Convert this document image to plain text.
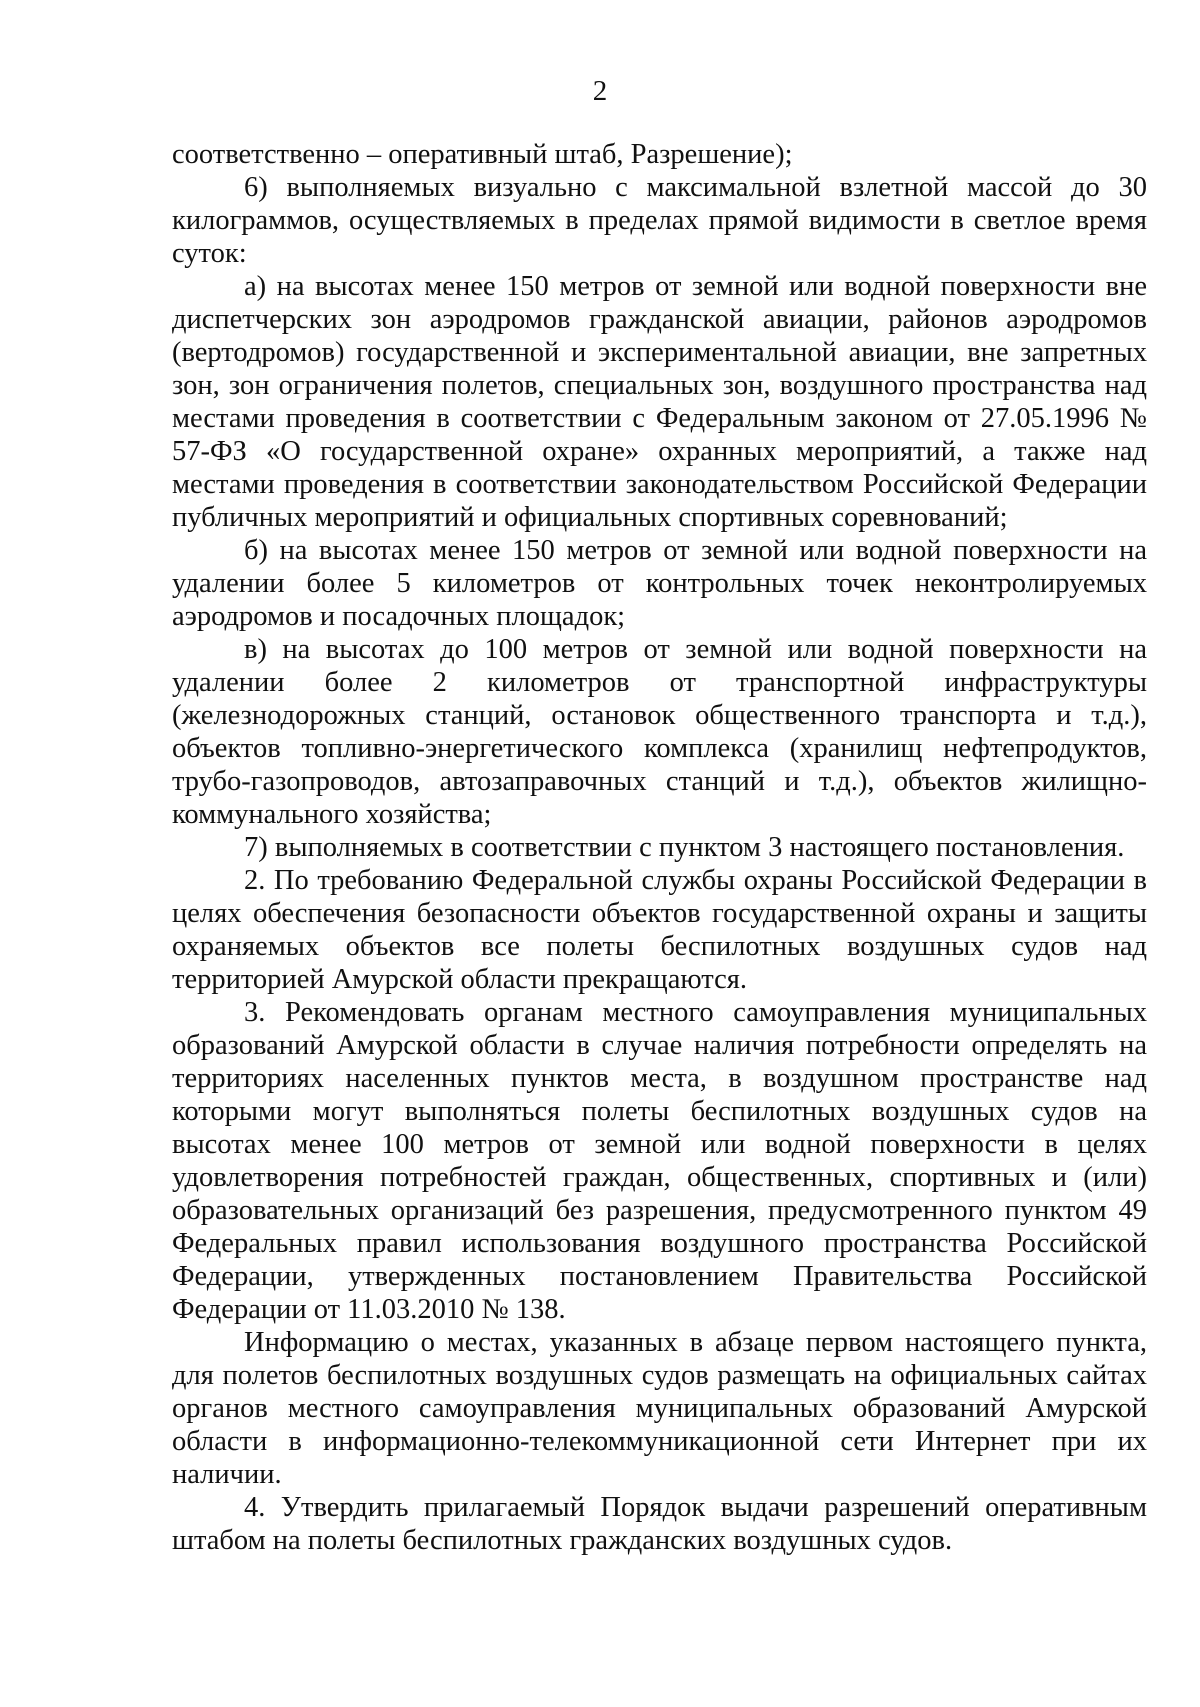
2

соответственно – оперативный штаб, Разрешение);

6) выполняемых визуально с максимальной взлетной массой до 30 килограммов, осуществляемых в пределах прямой видимости в светлое время суток:

а) на высотах менее 150 метров от земной или водной поверхности вне диспетчерских зон аэродромов гражданской авиации, районов аэродромов (вертодромов) государственной и экспериментальной авиации, вне запретных зон, зон ограничения полетов, специальных зон, воздушного пространства над местами проведения в соответствии с Федеральным законом от 27.05.1996 № 57-ФЗ «О государственной охране» охранных мероприятий, а также над местами проведения в соответствии законодательством Российской Федерации публичных мероприятий и официальных спортивных соревнований;

б) на высотах менее 150 метров от земной или водной поверхности на удалении более 5 километров от контрольных точек неконтролируемых аэродромов и посадочных площадок;

в) на высотах до 100 метров от земной или водной поверхности на удалении более 2 километров от транспортной инфраструктуры (железнодорожных станций, остановок общественного транспорта и т.д.), объектов топливно-энергетического комплекса (хранилищ нефтепродуктов, трубо-газопроводов, автозаправочных станций и т.д.), объектов жилищно-коммунального хозяйства;

7) выполняемых в соответствии с пунктом 3 настоящего постановления.

2. По требованию Федеральной службы охраны Российской Федерации в целях обеспечения безопасности объектов государственной охраны и защиты охраняемых объектов все полеты беспилотных воздушных судов над территорией Амурской области прекращаются.

3. Рекомендовать органам местного самоуправления муниципальных образований Амурской области в случае наличия потребности определять на территориях населенных пунктов места, в воздушном пространстве над которыми могут выполняться полеты беспилотных воздушных судов на высотах менее 100 метров от земной или водной поверхности в целях удовлетворения потребностей граждан, общественных, спортивных и (или) образовательных организаций без разрешения, предусмотренного пунктом 49 Федеральных правил использования воздушного пространства Российской Федерации, утвержденных постановлением Правительства Российской Федерации от 11.03.2010 № 138.

Информацию о местах, указанных в абзаце первом настоящего пункта, для полетов беспилотных воздушных судов размещать на официальных сайтах органов местного самоуправления муниципальных образований Амурской области в информационно-телекоммуникационной сети Интернет при их наличии.

4. Утвердить прилагаемый Порядок выдачи разрешений оперативным штабом на полеты беспилотных гражданских воздушных судов.
